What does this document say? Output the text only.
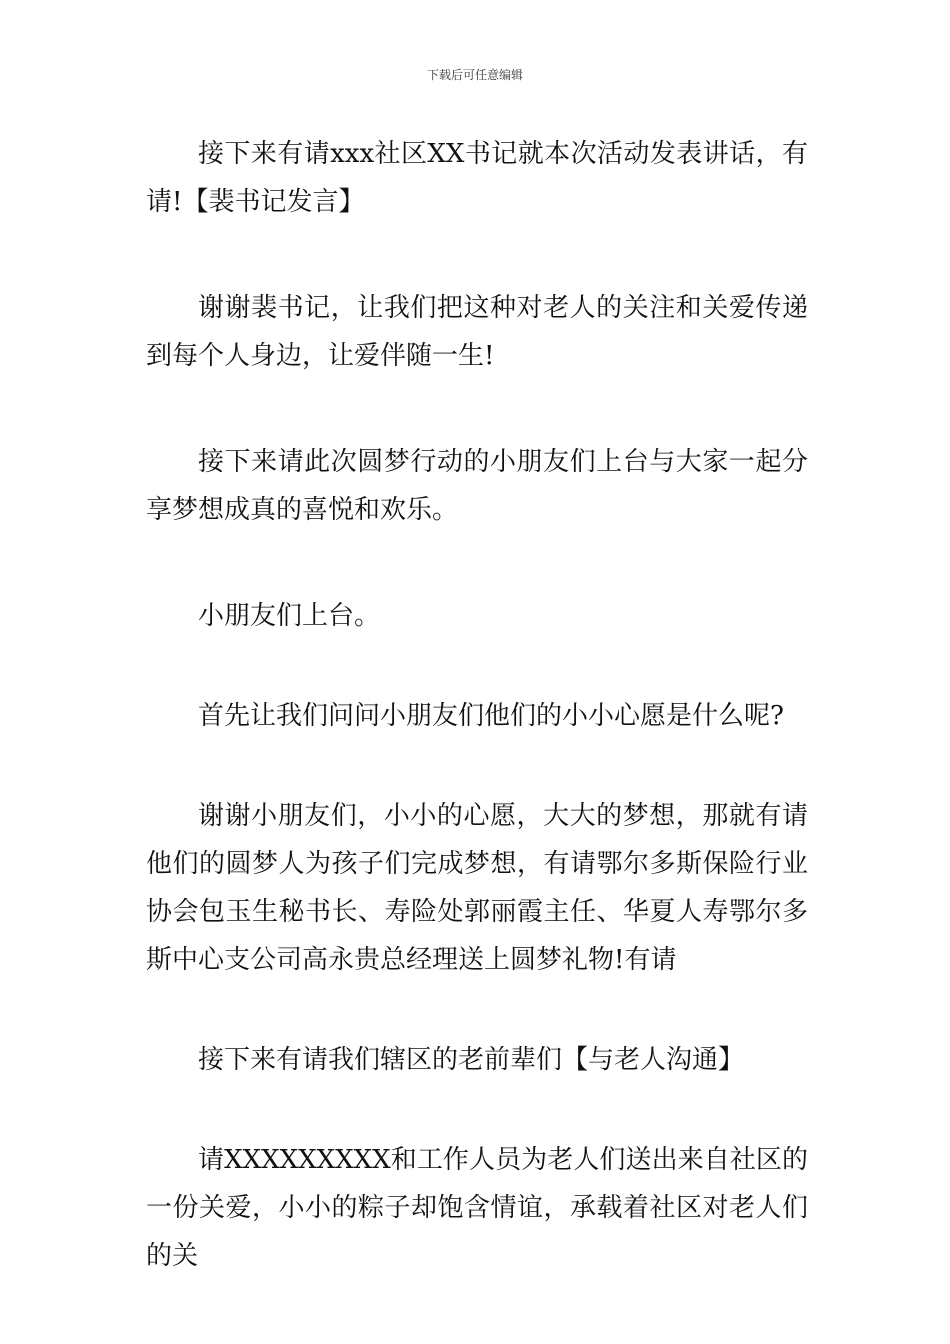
下载后可任意编辑

接下来有请xxx社区XX书记就本次活动发表讲话，有请!【裴书记发言】

谢谢裴书记，让我们把这种对老人的关注和关爱传递到每个人身边，让爱伴随一生!

接下来请此次圆梦行动的小朋友们上台与大家一起分享梦想成真的喜悦和欢乐。

小朋友们上台。

首先让我们问问小朋友们他们的小小心愿是什么呢?

谢谢小朋友们，小小的心愿，大大的梦想，那就有请他们的圆梦人为孩子们完成梦想，有请鄂尔多斯保险行业协会包玉生秘书长、寿险处郭丽霞主任、华夏人寿鄂尔多斯中心支公司高永贵总经理送上圆梦礼物!有请

接下来有请我们辖区的老前辈们【与老人沟通】

请XXXXXXXXX和工作人员为老人们送出来自社区的一份关爱，小小的粽子却饱含情谊，承载着社区对老人们的关
